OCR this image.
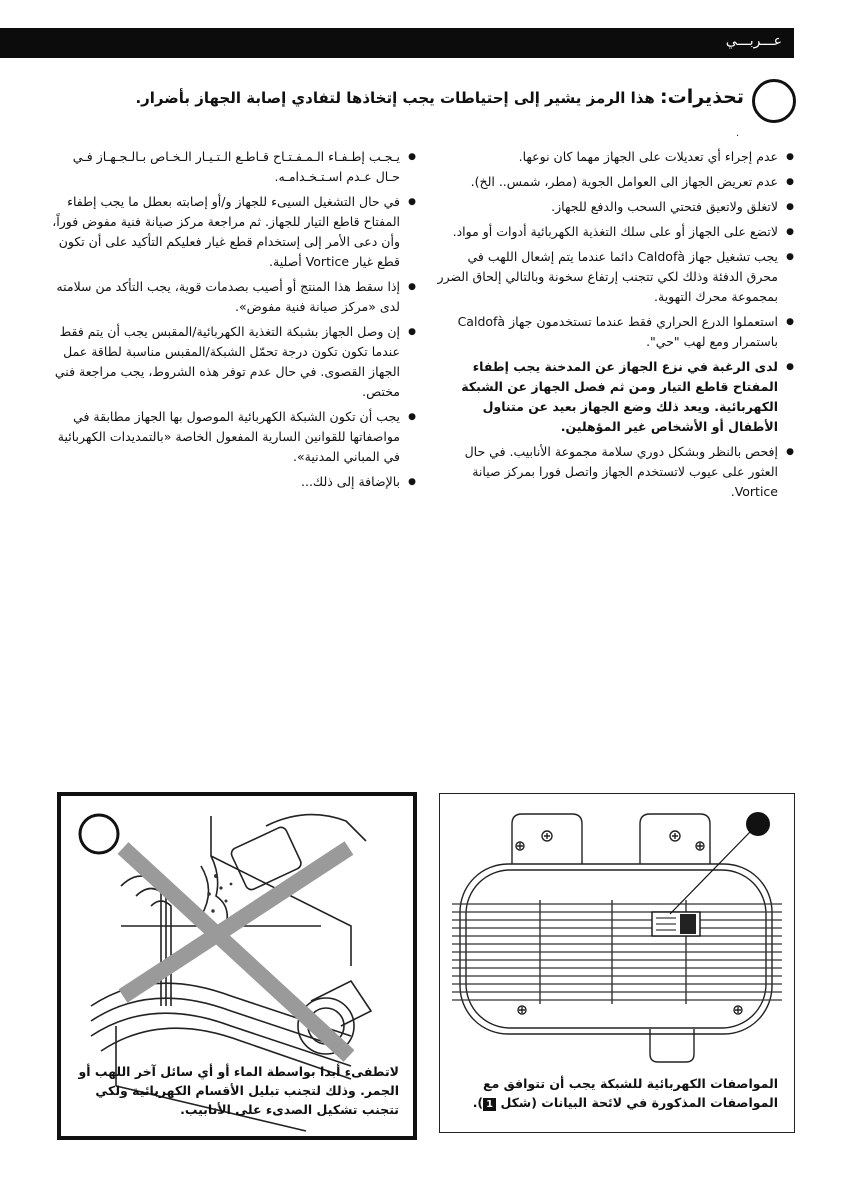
عـــربـــي
تحذيرات: هذا الرمز يشير إلى إحتياطات يجب إتخاذها لتفادي إصابة الجهاز بأضرار.
.
● عدم إجراء أي تعديلات على الجهاز مهما كان نوعها.
● عدم تعريض الجهاز الى العوامل الجوية (مطر، شمس.. الخ).
● لاتغلق ولاتعيق فتحتي السحب والدفع للجهاز.
● لاتضع على الجهاز أو على سلك التغذية الكهربائية أدوات أو مواد.
● يجب تشغيل جهاز Caldofà دائما عندما يتم إشعال اللهب في محرق الدفئة وذلك لكي تتجنب إرتفاع سخونة وبالتالي إلحاق الضرر بمجموعة محرك التهوية.
● استعملوا الدرع الحراري فقط عندما تستخدمون جهاز Caldofà باستمرار ومع لهب "حي".
● لدى الرغبة في نزع الجهاز عن المدخنة يجب إطفاء المفتاح قاطع التيار ومن ثم فصل الجهاز عن الشبكة الكهربائية. ويعد ذلك وضع الجهاز بعيد عن متناول الأطفال أو الأشخاص غير المؤهلين.
● إفحص بالنظر وبشكل دوري سلامة مجموعة الأنابيب. في حال العثور على عيوب لاتستخدم الجهاز واتصل فورا بمركز صيانة Vortice.
● يـجـب إطـفـاء الـمـفـتـاح قـاطـع الـتـيـار الـخـاص بـالـجـهـاز فـي حـال عـدم اسـتـخـدامـه.
● في حال التشغيل السيىء للجهاز و/أو إصابته بعطل ما يجب إطفاء المفتاح قاطع التيار للجهاز. ثم مراجعة مركز صيانة فنية مفوض فوراً، وأن دعى الأمر إلى إستخدام قطع غيار فعليكم التأكيد على أن تكون قطع غيار Vortice أصلية.
● إذا سقط هذا المنتج أو أصيب بصدمات قوية، يجب التأكد من سلامته لدى «مركز صيانة فنية مفوض».
● إن وصل الجهاز بشبكة التغذية الكهربائية/المقبس يجب أن يتم فقط عندما تكون تكون درجة تحمّل الشبكة/المقبس مناسبة لطاقة عمل الجهاز القصوى. في حال عدم توفر هذه الشروط، يجب مراجعة فني مختص.
● يجب أن تكون الشبكة الكهربائية الموصول بها الجهاز مطابقة في مواصفاتها للقوانين السارية المفعول الخاصة «بالتمديدات الكهربائية في المباني المدنية».
● بالإضافة إلى ذلك...
لاتطفىء أبدا بواسطة الماء أو أي سائل آخر اللهب أو الجمر. وذلك لتجنب تبليل الأقسام الكهربائية ولكي تتجنب تشكيل الصدىء على الأنابيب.
المواصفات الكهربائية للشبكة يجب أن تتوافق مع المواصفات المذكورة في لائحة البيانات (شكل 1).
